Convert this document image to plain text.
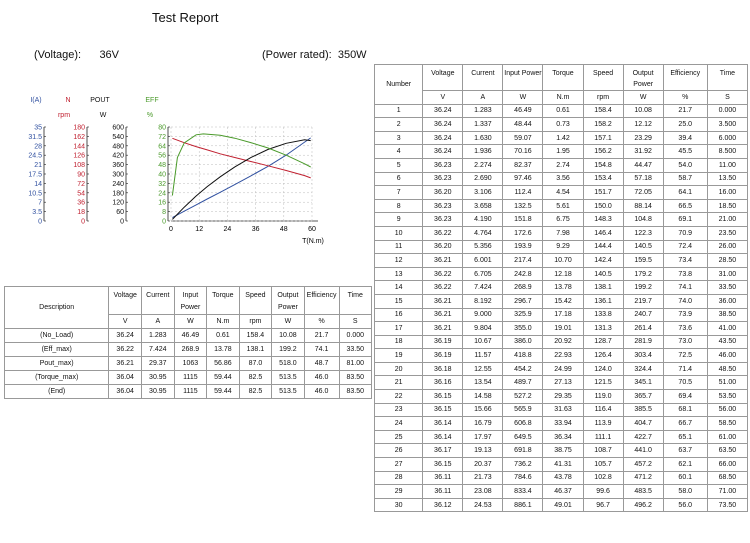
Test Report
(Voltage): 36V	(Power rated): 350W
I(A)
35
31.5
28
24.5
21
17.5
14
10.5
7
3.5
0
N
rpm
180
162
144
126
108
90
72
54
36
18
0
POUT
W
600
540
480
420
360
300
240
180
120
60
0
EFF
%
80
72
64
56
48
40
32
24
16
8
0
0	12	24	36	48	60
T(N.m)
Number	Voltage	Current	Input Power	Torque	Speed	Output Power	Efficiency	Time
	V	A	W	N.m	rpm	W	%	S
1	36.24	1.283	46.49	0.61	158.4	10.08	21.7	0.000
2	36.24	1.337	48.44	0.73	158.2	12.12	25.0	3.500
3	36.24	1.630	59.07	1.42	157.1	23.29	39.4	6.000
4	36.24	1.936	70.16	1.95	156.2	31.92	45.5	8.500
5	36.23	2.274	82.37	2.74	154.8	44.47	54.0	11.00
6	36.23	2.690	97.46	3.56	153.4	57.18	58.7	13.50
7	36.20	3.106	112.4	4.54	151.7	72.05	64.1	16.00
8	36.23	3.658	132.5	5.61	150.0	88.14	66.5	18.50
9	36.23	4.190	151.8	6.75	148.3	104.8	69.1	21.00
10	36.22	4.764	172.6	7.98	146.4	122.3	70.9	23.50
11	36.20	5.356	193.9	9.29	144.4	140.5	72.4	26.00
12	36.21	6.001	217.4	10.70	142.4	159.5	73.4	28.50
13	36.22	6.705	242.8	12.18	140.5	179.2	73.8	31.00
14	36.22	7.424	268.9	13.78	138.1	199.2	74.1	33.50
15	36.21	8.192	296.7	15.42	136.1	219.7	74.0	36.00
16	36.21	9.000	325.9	17.18	133.8	240.7	73.9	38.50
17	36.21	9.804	355.0	19.01	131.3	261.4	73.6	41.00
18	36.19	10.67	386.0	20.92	128.7	281.9	73.0	43.50
19	36.19	11.57	418.8	22.93	126.4	303.4	72.5	46.00
20	36.18	12.55	454.2	24.99	124.0	324.4	71.4	48.50
21	36.16	13.54	489.7	27.13	121.5	345.1	70.5	51.00
22	36.15	14.58	527.2	29.35	119.0	365.7	69.4	53.50
23	36.15	15.66	565.9	31.63	116.4	385.5	68.1	56.00
24	36.14	16.79	606.8	33.94	113.9	404.7	66.7	58.50
25	36.14	17.97	649.5	36.34	111.1	422.7	65.1	61.00
26	36.17	19.13	691.8	38.75	108.7	441.0	63.7	63.50
27	36.15	20.37	736.2	41.31	105.7	457.2	62.1	66.00
28	36.11	21.73	784.6	43.78	102.8	471.2	60.1	68.50
29	36.11	23.08	833.4	46.37	99.6	483.5	58.0	71.00
30	36.12	24.53	886.1	49.01	96.7	496.2	56.0	73.50
Description	Voltage	Current	Input Power	Torque	Speed	Output Power	Efficiency	Time
	V	A	W	N.m	rpm	W	%	S
(No_Load)	36.24	1.283	46.49	0.61	158.4	10.08	21.7	0.000
(Eff_max)	36.22	7.424	268.9	13.78	138.1	199.2	74.1	33.50
Pout_max)	36.21	29.37	1063	56.86	87.0	518.0	48.7	81.00
(Torque_max)	36.04	30.95	1115	59.44	82.5	513.5	46.0	83.50
(End)	36.04	30.95	1115	59.44	82.5	513.5	46.0	83.50
